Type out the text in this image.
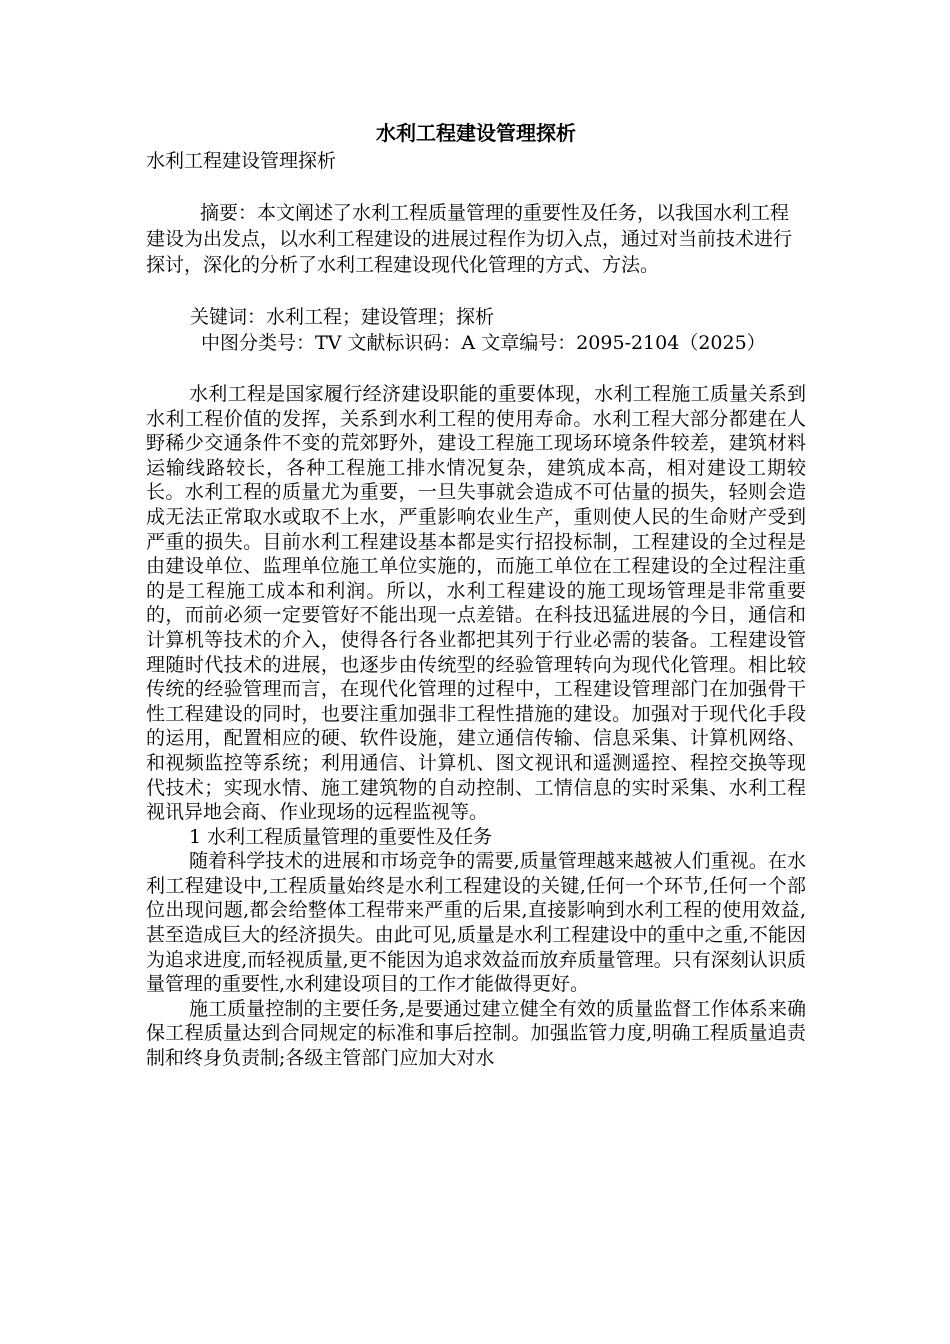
水利工程建设管理探析

水利工程建设管理探析

摘要：本文阐述了水利工程质量管理的重要性及任务，以我国水利工程建设为出发点，以水利工程建设的进展过程作为切入点，通过对当前技术进行探讨，深化的分析了水利工程建设现代化管理的方式、方法。

关键词：水利工程；建设管理；探析

中图分类号：TV 文献标识码：A 文章编号：2095-2104（2025）

水利工程是国家履行经济建设职能的重要体现，水利工程施工质量关系到水利工程价值的发挥，关系到水利工程的使用寿命。水利工程大部分都建在人野稀少交通条件不变的荒郊野外，建设工程施工现场环境条件较差，建筑材料运输线路较长，各种工程施工排水情况复杂，建筑成本高，相对建设工期较长。水利工程的质量尤为重要，一旦失事就会造成不可估量的损失，轻则会造成无法正常取水或取不上水，严重影响农业生产，重则使人民的生命财产受到严重的损失。目前水利工程建设基本都是实行招投标制，工程建设的全过程是由建设单位、监理单位施工单位实施的，而施工单位在工程建设的全过程注重的是工程施工成本和利润。所以，水利工程建设的施工现场管理是非常重要的，而前必须一定要管好不能出现一点差错。在科技迅猛进展的今日，通信和计算机等技术的介入，使得各行各业都把其列于行业必需的装备。工程建设管理随时代技术的进展，也逐步由传统型的经验管理转向为现代化管理。相比较传统的经验管理而言，在现代化管理的过程中，工程建设管理部门在加强骨干性工程建设的同时，也要注重加强非工程性措施的建设。加强对于现代化手段的运用，配置相应的硬、软件设施，建立通信传输、信息采集、计算机网络、和视频监控等系统；利用通信、计算机、图文视讯和遥测遥控、程控交换等现代技术；实现水情、施工建筑物的自动控制、工情信息的实时采集、水利工程视讯异地会商、作业现场的远程监视等。

1 水利工程质量管理的重要性及任务

随着科学技术的进展和市场竞争的需要,质量管理越来越被人们重视。在水利工程建设中,工程质量始终是水利工程建设的关键,任何一个环节,任何一个部位出现问题,都会给整体工程带来严重的后果,直接影响到水利工程的使用效益,甚至造成巨大的经济损失。由此可见,质量是水利工程建设中的重中之重,不能因为追求进度,而轻视质量,更不能因为追求效益而放弃质量管理。只有深刻认识质量管理的重要性,水利建设项目的工作才能做得更好。

施工质量控制的主要任务,是要通过建立健全有效的质量监督工作体系来确保工程质量达到合同规定的标准和事后控制。加强监管力度,明确工程质量追责制和终身负责制;各级主管部门应加大对水
